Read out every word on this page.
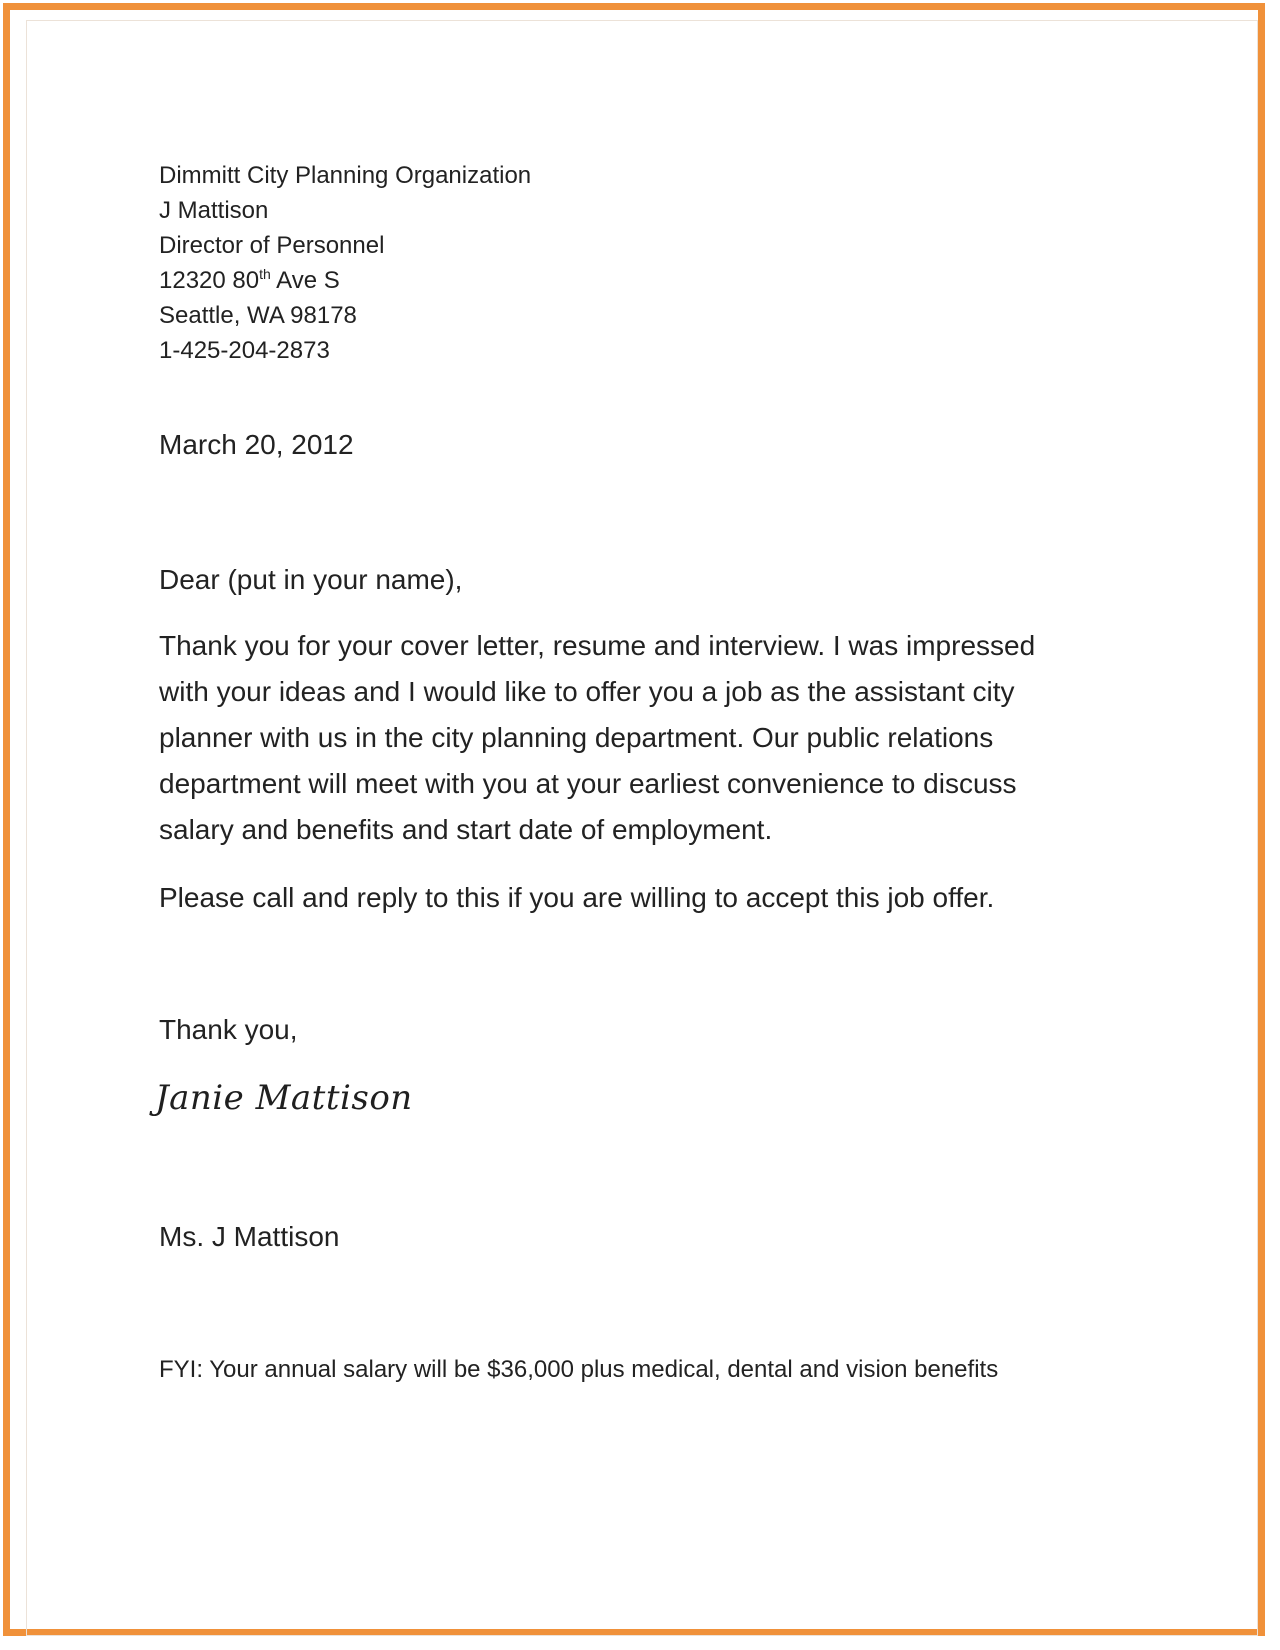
Dimmitt City Planning Organization
J Mattison
Director of Personnel
12320 80th Ave S
Seattle, WA 98178
1-425-204-2873
March 20, 2012
Dear (put in your name),
Thank you for your cover letter, resume and interview. I was impressed
with your ideas and I would like to offer you a job as the assistant city
planner with us in the city planning department. Our public relations
department will meet with you at your earliest convenience to discuss
salary and benefits and start date of employment.
Please call and reply to this if you are willing to accept this job offer.
Thank you,
Janie Mattison
Ms. J Mattison
FYI: Your annual salary will be $36,000 plus medical, dental and vision benefits
